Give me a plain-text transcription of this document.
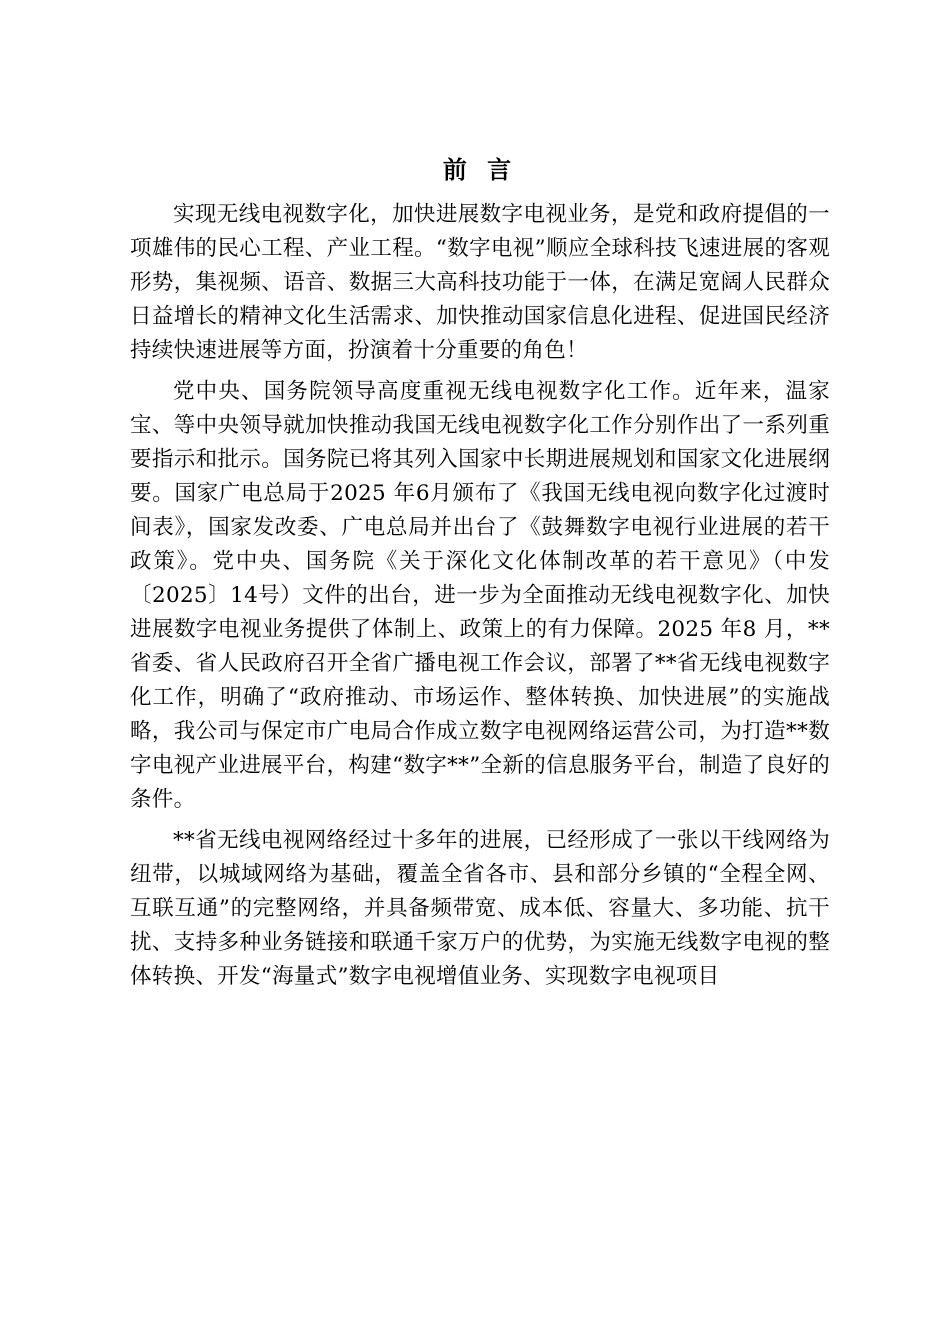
前 言

实现无线电视数字化，加快进展数字电视业务，是党和政府提倡的一项雄伟的民心工程、产业工程。“数字电视”顺应全球科技飞速进展的客观形势，集视频、语音、数据三大高科技功能于一体，在满足宽阔人民群众日益增长的精神文化生活需求、加快推动国家信息化进程、促进国民经济持续快速进展等方面，扮演着十分重要的角色！

党中央、国务院领导高度重视无线电视数字化工作。近年来，温家宝、等中央领导就加快推动我国无线电视数字化工作分别作出了一系列重要指示和批示。国务院已将其列入国家中长期进展规划和国家文化进展纲要。国家广电总局于2025 年6月颁布了《我国无线电视向数字化过渡时间表》，国家发改委、广电总局并出台了《鼓舞数字电视行业进展的若干政策》。党中央、国务院《关于深化文化体制改革的若干意见》（中发〔2025〕14号）文件的出台，进一步为全面推动无线电视数字化、加快进展数字电视业务提供了体制上、政策上的有力保障。2025 年8 月，**省委、省人民政府召开全省广播电视工作会议，部署了**省无线电视数字化工作，明确了“政府推动、市场运作、整体转换、加快进展”的实施战略，我公司与保定市广电局合作成立数字电视网络运营公司，为打造**数字电视产业进展平台，构建“数字**”全新的信息服务平台，制造了良好的条件。

**省无线电视网络经过十多年的进展，已经形成了一张以干线网络为纽带，以城域网络为基础，覆盖全省各市、县和部分乡镇的“全程全网、互联互通”的完整网络，并具备频带宽、成本低、容量大、多功能、抗干扰、支持多种业务链接和联通千家万户的优势，为实施无线数字电视的整体转换、开发“海量式”数字电视增值业务、实现数字电视项目
